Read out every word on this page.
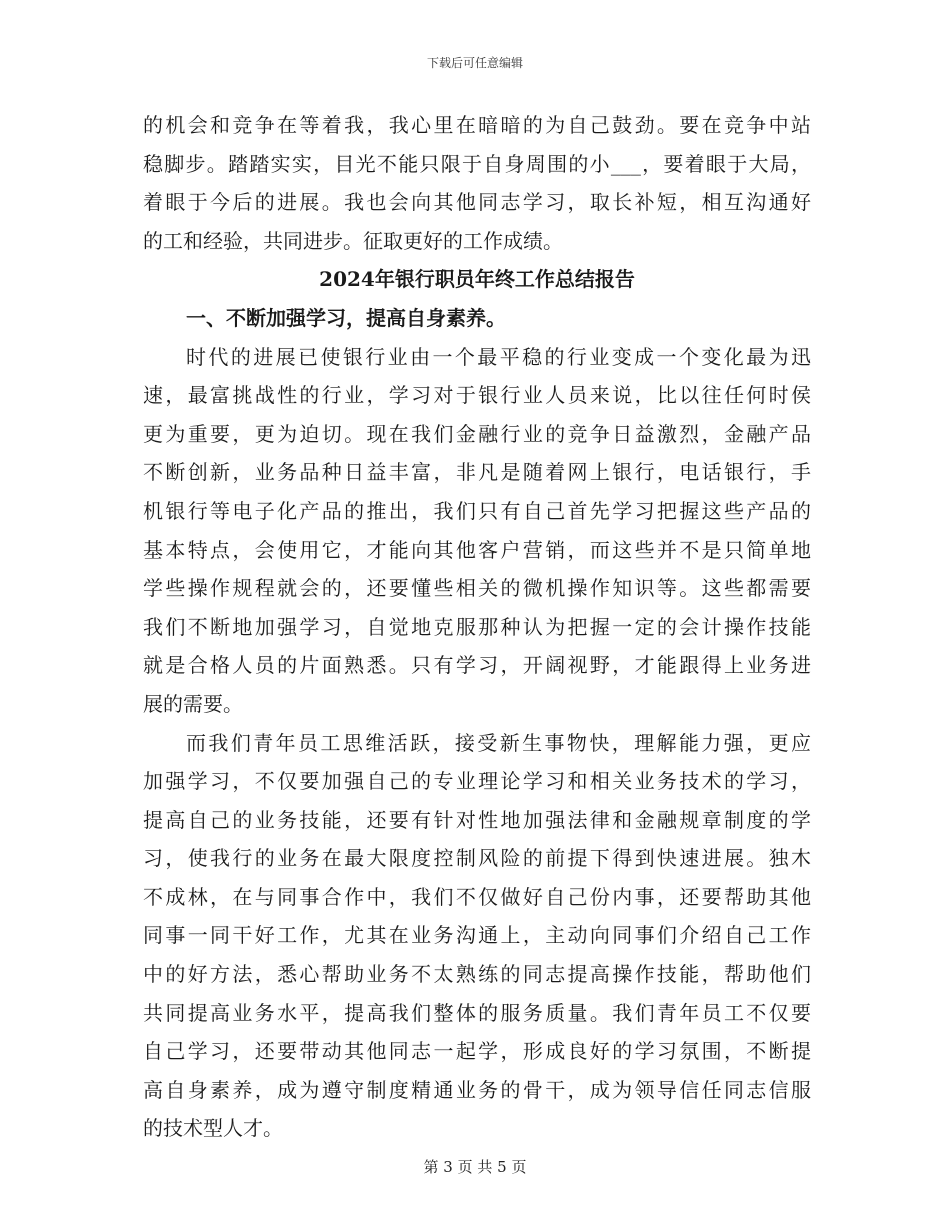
下载后可任意编辑
的机会和竞争在等着我，我心里在暗暗的为自己鼓劲。要在竞争中站
稳脚步。踏踏实实，目光不能只限于自身周围的小___，要着眼于大局，
着眼于今后的进展。我也会向其他同志学习，取长补短，相互沟通好
的工和经验，共同进步。征取更好的工作成绩。
2024年银行职员年终工作总结报告
一、不断加强学习，提高自身素养。
时代的进展已使银行业由一个最平稳的行业变成一个变化最为迅
速，最富挑战性的行业，学习对于银行业人员来说，比以往任何时侯
更为重要，更为迫切。现在我们金融行业的竞争日益激烈，金融产品
不断创新，业务品种日益丰富，非凡是随着网上银行，电话银行，手
机银行等电子化产品的推出，我们只有自己首先学习把握这些产品的
基本特点，会使用它，才能向其他客户营销，而这些并不是只简单地
学些操作规程就会的，还要懂些相关的微机操作知识等。这些都需要
我们不断地加强学习，自觉地克服那种认为把握一定的会计操作技能
就是合格人员的片面熟悉。只有学习，开阔视野，才能跟得上业务进
展的需要。
而我们青年员工思维活跃，接受新生事物快，理解能力强，更应
加强学习，不仅要加强自己的专业理论学习和相关业务技术的学习，
提高自己的业务技能，还要有针对性地加强法律和金融规章制度的学
习，使我行的业务在最大限度控制风险的前提下得到快速进展。独木
不成林，在与同事合作中，我们不仅做好自己份内事，还要帮助其他
同事一同干好工作，尤其在业务沟通上，主动向同事们介绍自己工作
中的好方法，悉心帮助业务不太熟练的同志提高操作技能，帮助他们
共同提高业务水平，提高我们整体的服务质量。我们青年员工不仅要
自己学习，还要带动其他同志一起学，形成良好的学习氛围，不断提
高自身素养，成为遵守制度精通业务的骨干，成为领导信任同志信服
的技术型人才。
第 3 页 共 5 页
